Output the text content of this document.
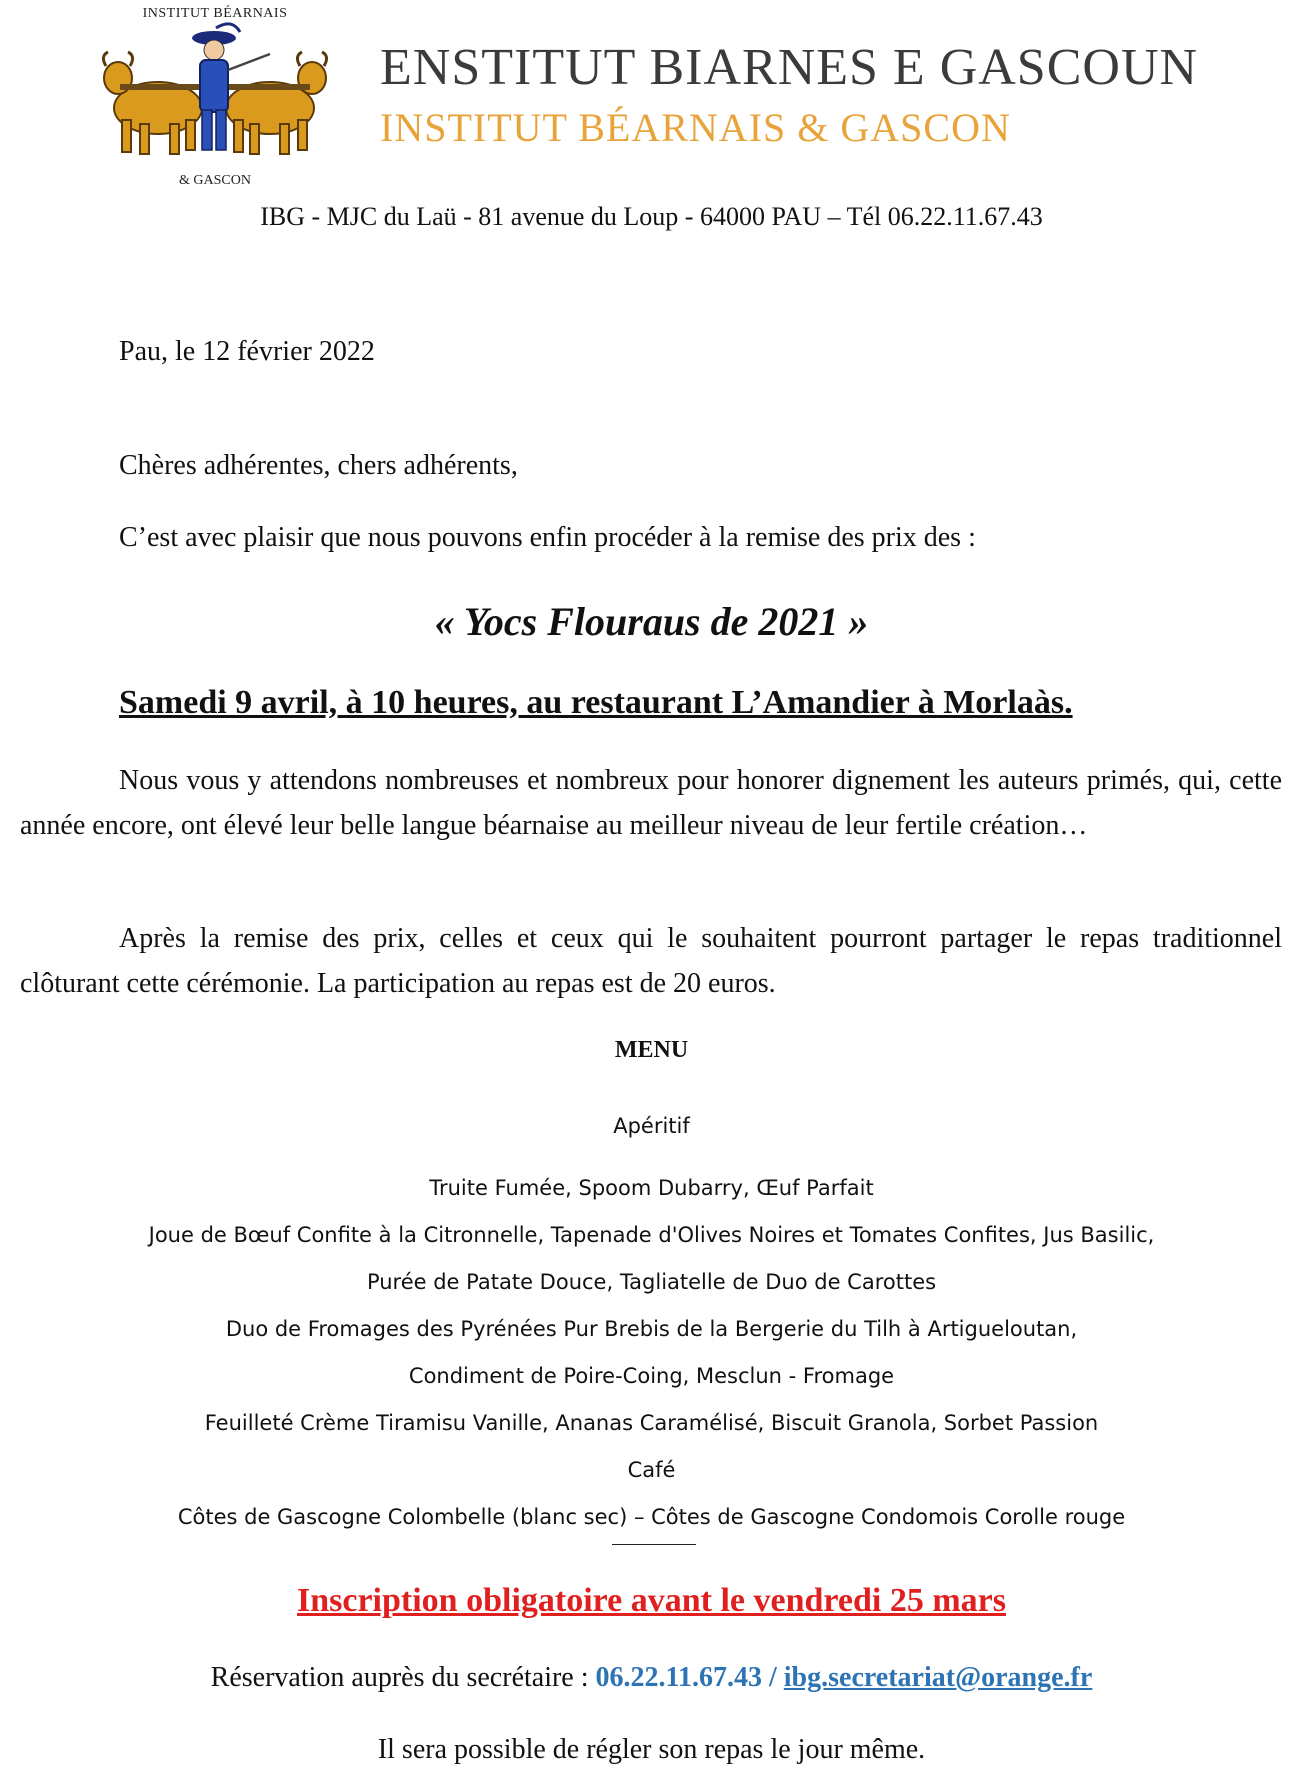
INSTITUT BÉARNAIS
& GASCON
ENSTITUT BIARNES E GASCOUN
INSTITUT BÉARNAIS & GASCON
IBG - MJC du Laü - 81 avenue du Loup - 64000 PAU – Tél 06.22.11.67.43
Pau, le 12 février 2022
Chères adhérentes, chers adhérents,
C’est avec plaisir que nous pouvons enfin procéder à la remise des prix des :
« Yocs Flouraus de 2021 »
Samedi 9 avril, à 10 heures, au restaurant L’Amandier à Morlaàs.
Nous vous y attendons nombreuses et nombreux pour honorer dignement les auteurs primés, qui, cette année encore, ont élevé leur belle langue béarnaise au meilleur niveau de leur fertile création…
Après la remise des prix, celles et ceux qui le souhaitent pourront partager le repas traditionnel clôturant cette cérémonie. La participation au repas est de 20 euros.
MENU
Apéritif
Truite Fumée, Spoom Dubarry, Œuf Parfait
Joue de Bœuf Confite à la Citronnelle, Tapenade d'Olives Noires et Tomates Confites, Jus Basilic,
Purée de Patate Douce, Tagliatelle de Duo de Carottes
Duo de Fromages des Pyrénées Pur Brebis de la Bergerie du Tilh à Artigueloutan,
Condiment de Poire-Coing, Mesclun - Fromage
Feuilleté Crème Tiramisu Vanille, Ananas Caramélisé, Biscuit Granola, Sorbet Passion
Café
Côtes de Gascogne Colombelle (blanc sec) – Côtes de Gascogne Condomois Corolle rouge
Inscription obligatoire avant le vendredi 25 mars
Réservation auprès du secrétaire : 06.22.11.67.43 / ibg.secretariat@orange.fr
Il sera possible de régler son repas le jour même.
